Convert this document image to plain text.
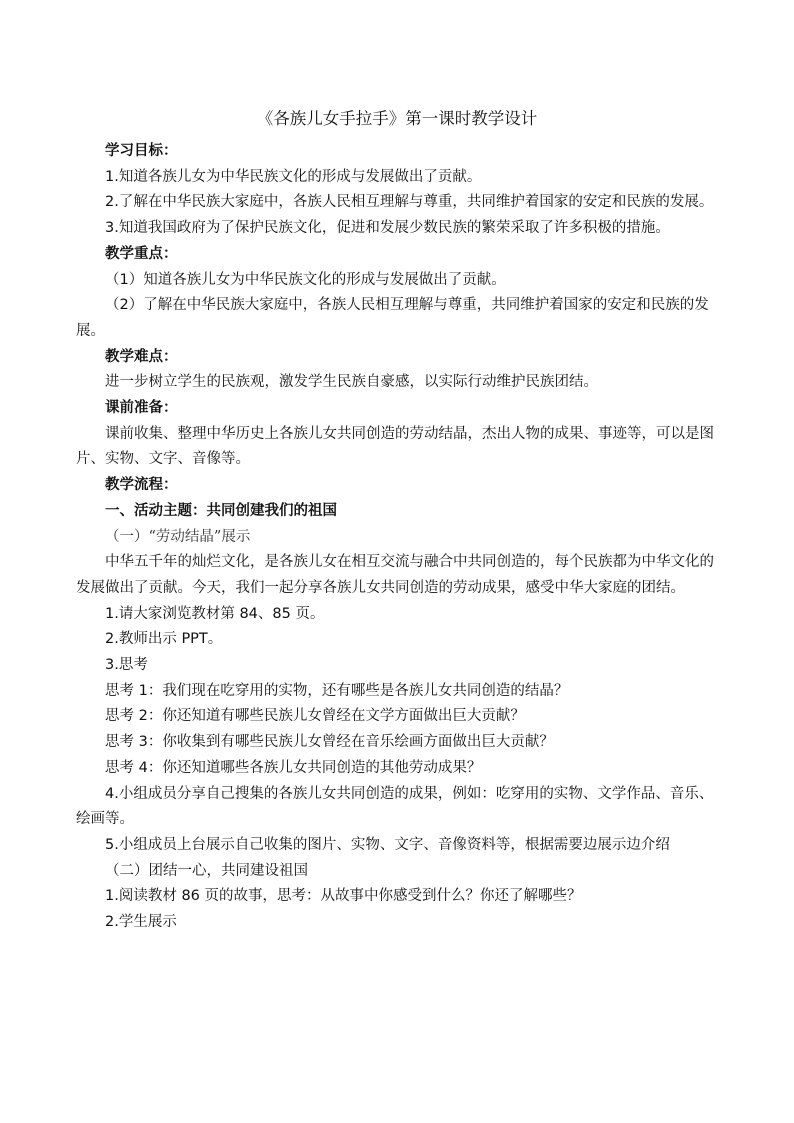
《各族儿女手拉手》第一课时教学设计

学习目标：

1.知道各族儿女为中华民族文化的形成与发展做出了贡献。

2.了解在中华民族大家庭中，各族人民相互理解与尊重，共同维护着国家的安定和民族的发展。

3.知道我国政府为了保护民族文化，促进和发展少数民族的繁荣采取了许多积极的措施。

教学重点：

（1）知道各族儿女为中华民族文化的形成与发展做出了贡献。

（2）了解在中华民族大家庭中，各族人民相互理解与尊重，共同维护着国家的安定和民族的发展。

教学难点：

进一步树立学生的民族观，激发学生民族自豪感，以实际行动维护民族团结。

课前准备：

课前收集、整理中华历史上各族儿女共同创造的劳动结晶，杰出人物的成果、事迹等，可以是图片、实物、文字、音像等。

教学流程：

一、活动主题：共同创建我们的祖国

（一）“劳动结晶”展示

中华五千年的灿烂文化，是各族儿女在相互交流与融合中共同创造的，每个民族都为中华文化的发展做出了贡献。今天，我们一起分享各族儿女共同创造的劳动成果，感受中华大家庭的团结。

1.请大家浏览教材第 84、85 页。

2.教师出示 PPT。

3.思考

思考 1：我们现在吃穿用的实物，还有哪些是各族儿女共同创造的结晶？

思考 2：你还知道有哪些民族儿女曾经在文学方面做出巨大贡献？

思考 3：你收集到有哪些民族儿女曾经在音乐绘画方面做出巨大贡献？

思考 4：你还知道哪些各族儿女共同创造的其他劳动成果？

4.小组成员分享自己搜集的各族儿女共同创造的成果，例如：吃穿用的实物、文学作品、音乐、绘画等。

5.小组成员上台展示自己收集的图片、实物、文字、音像资料等，根据需要边展示边介绍

（二）团结一心，共同建设祖国

1.阅读教材 86 页的故事，思考：从故事中你感受到什么？你还了解哪些？

2.学生展示
